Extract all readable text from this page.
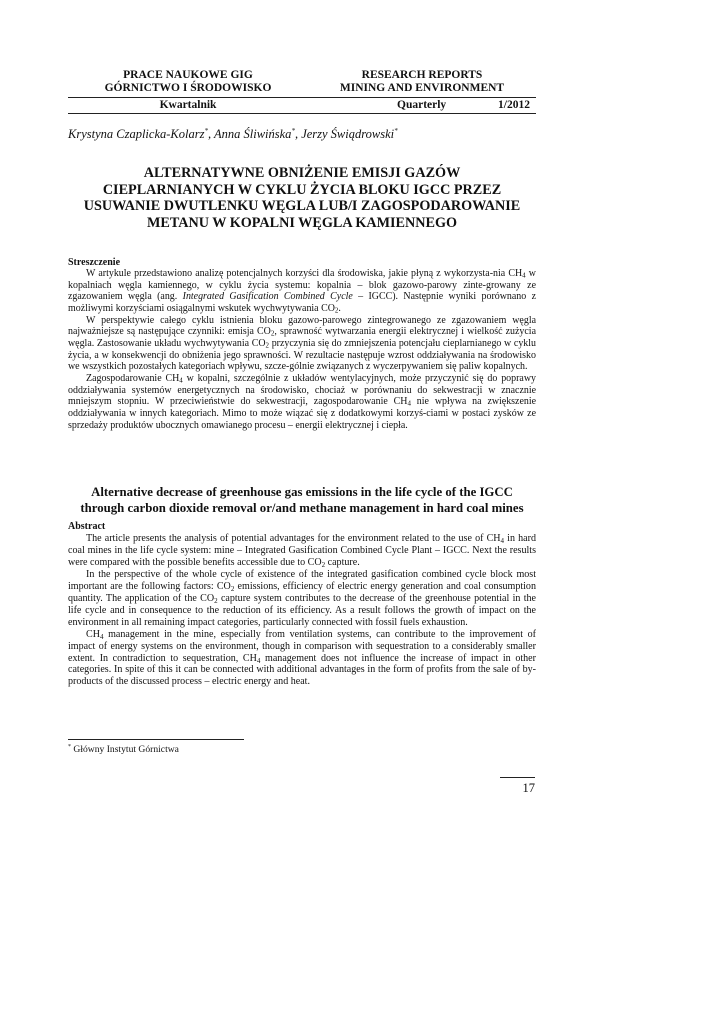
PRACE NAUKOWE GIG	RESEARCH REPORTS
GÓRNICTWO I ŚRODOWISKO	MINING AND ENVIRONMENT
Kwartalnik	Quarterly	1/2012
Krystyna Czaplicka-Kolarz*, Anna Śliwińska*, Jerzy Świądrowski*
ALTERNATYWNE OBNIŻENIE EMISJI GAZÓW
CIEPLARNIANYCH W CYKLU ŻYCIA BLOKU IGCC PRZEZ
USUWANIE DWUTLENKU WĘGLA LUB/I ZAGOSPODAROWANIE
METANU W KOPALNI WĘGLA KAMIENNEGO
Streszczenie

W artykule przedstawiono analizę potencjalnych korzyści dla środowiska, jakie płyną z wykorzysta-nia $CH_4$ w kopalniach węgla kamiennego, w cyklu życia systemu: kopalnia – blok gazowo-parowy zinte-growany ze zgazowaniem węgla (ang. Integrated Gasification Combined Cycle – IGCC). Następnie wyniki porównano z możliwymi korzyściami osiągalnymi wskutek wychwytywania $CO_2$.

W perspektywie całego cyklu istnienia bloku gazowo-parowego zintegrowanego ze zgazowaniem węgla najważniejsze są następujące czynniki: emisja $CO_2$, sprawność wytwarzania energii elektrycznej i wielkość zużycia węgla. Zastosowanie układu wychwytywania $CO_2$ przyczynia się do zmniejszenia potencjału cieplarnianego w cyklu życia, a w konsekwencji do obniżenia jego sprawności. W rezultacie następuje wzrost oddziaływania na środowisko we wszystkich pozostałych kategoriach wpływu, szcze-gólnie związanych z wyczerpywaniem się paliw kopalnych.

Zagospodarowanie $CH_4$ w kopalni, szczególnie z układów wentylacyjnych, może przyczynić się do poprawy oddziaływania systemów energetycznych na środowisko, chociaż w porównaniu do sekwestracji w znacznie mniejszym stopniu. W przeciwieństwie do sekwestracji, zagospodarowanie $CH_4$ nie wpływa na zwiększenie oddziaływania w innych kategoriach. Mimo to może wiązać się z dodatkowymi korzyś-ciami w postaci zysków ze sprzedaży produktów ubocznych omawianego procesu – energii elektrycznej i ciepła.

Alternative decrease of greenhouse gas emissions in the life cycle of the IGCC
through carbon dioxide removal or/and methane management in hard coal mines
Abstract

The article presents the analysis of potential advantages for the environment related to the use of $CH_4$ in hard coal mines in the life cycle system: mine – Integrated Gasification Combined Cycle Plant – IGCC. Next the results were compared with the possible benefits accessible due to $CO_2$ capture.

In the perspective of the whole cycle of existence of the integrated gasification combined cycle block most important are the following factors: $CO_2$ emissions, efficiency of electric energy generation and coal consumption quantity. The application of the $CO_2$ capture system contributes to the decrease of the greenhouse potential in the life cycle and in consequence to the reduction of its efficiency. As a result follows the growth of impact on the environment in all remaining impact categories, particularly connected with fossil fuels exhaustion.

$CH_4$ management in the mine, especially from ventilation systems, can contribute to the improvement of impact of energy systems on the environment, though in comparison with sequestration to a considerably smaller extent. In contradiction to sequestration, $CH_4$ management does not influence the increase of impact in other categories. In spite of this it can be connected with additional advantages in the form of profits from the sale of by-products of the discussed process – electric energy and heat.

* Główny Instytut Górnictwa
17
